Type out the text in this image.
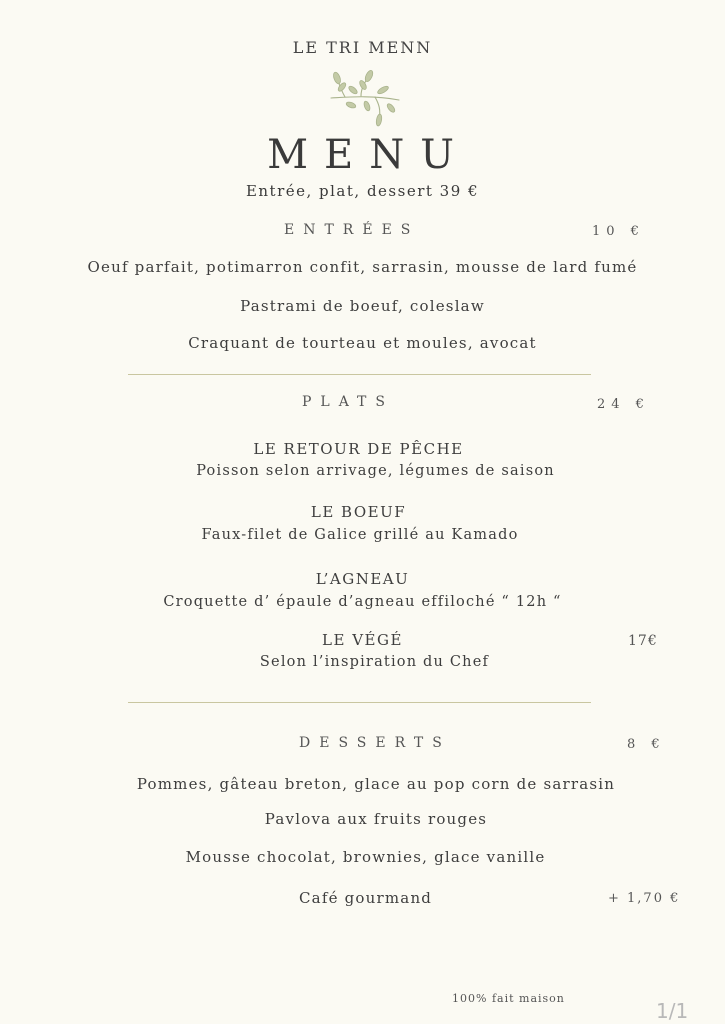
LE TRI MENN
MENU
Entrée, plat, dessert 39 €
ENTRÉES	10 €
Oeuf parfait, potimarron confit, sarrasin, mousse de lard fumé
Pastrami de boeuf, coleslaw
Craquant de tourteau et moules, avocat
PLATS	24 €
LE RETOUR DE PÊCHE
Poisson selon arrivage, légumes de saison
LE BOEUF
Faux-filet de Galice grillé au Kamado
L’AGNEAU
Croquette d’ épaule d’agneau effiloché “ 12h “
LE VÉGÉ	17€
Selon l’inspiration du Chef
DESSERTS	8 €
Pommes, gâteau breton, glace au pop corn de sarrasin
Pavlova aux fruits rouges
Mousse chocolat, brownies, glace vanille
Café gourmand	+ 1,70 €
100% fait maison
1/1
